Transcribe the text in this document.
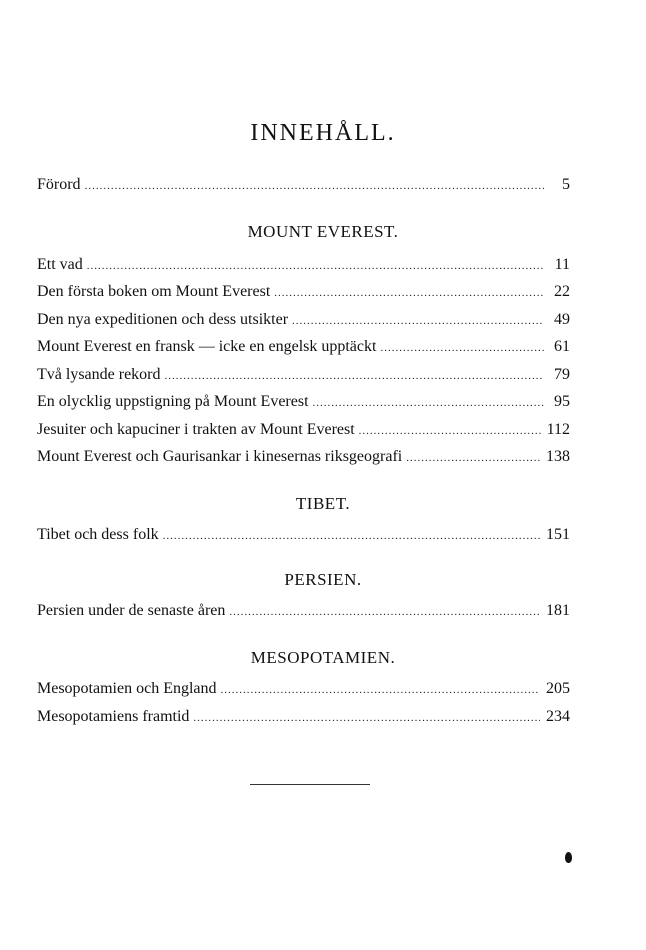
INNEHÅLL.
Förord .....	5
MOUNT EVEREST.
Ett vad .....	11
Den första boken om Mount Everest .....	22
Den nya expeditionen och dess utsikter .....	49
Mount Everest en fransk — icke en engelsk upptäckt .....	61
Två lysande rekord .....	79
En olycklig uppstigning på Mount Everest .....	95
Jesuiter och kapuciner i trakten av Mount Everest .....	112
Mount Everest och Gaurisankar i kinesernas riksgeografi .....	138
TIBET.
Tibet och dess folk .....	151
PERSIEN.
Persien under de senaste åren .....	181
MESOPOTAMIEN.
Mesopotamien och England .....	205
Mesopotamiens framtid .....	234
